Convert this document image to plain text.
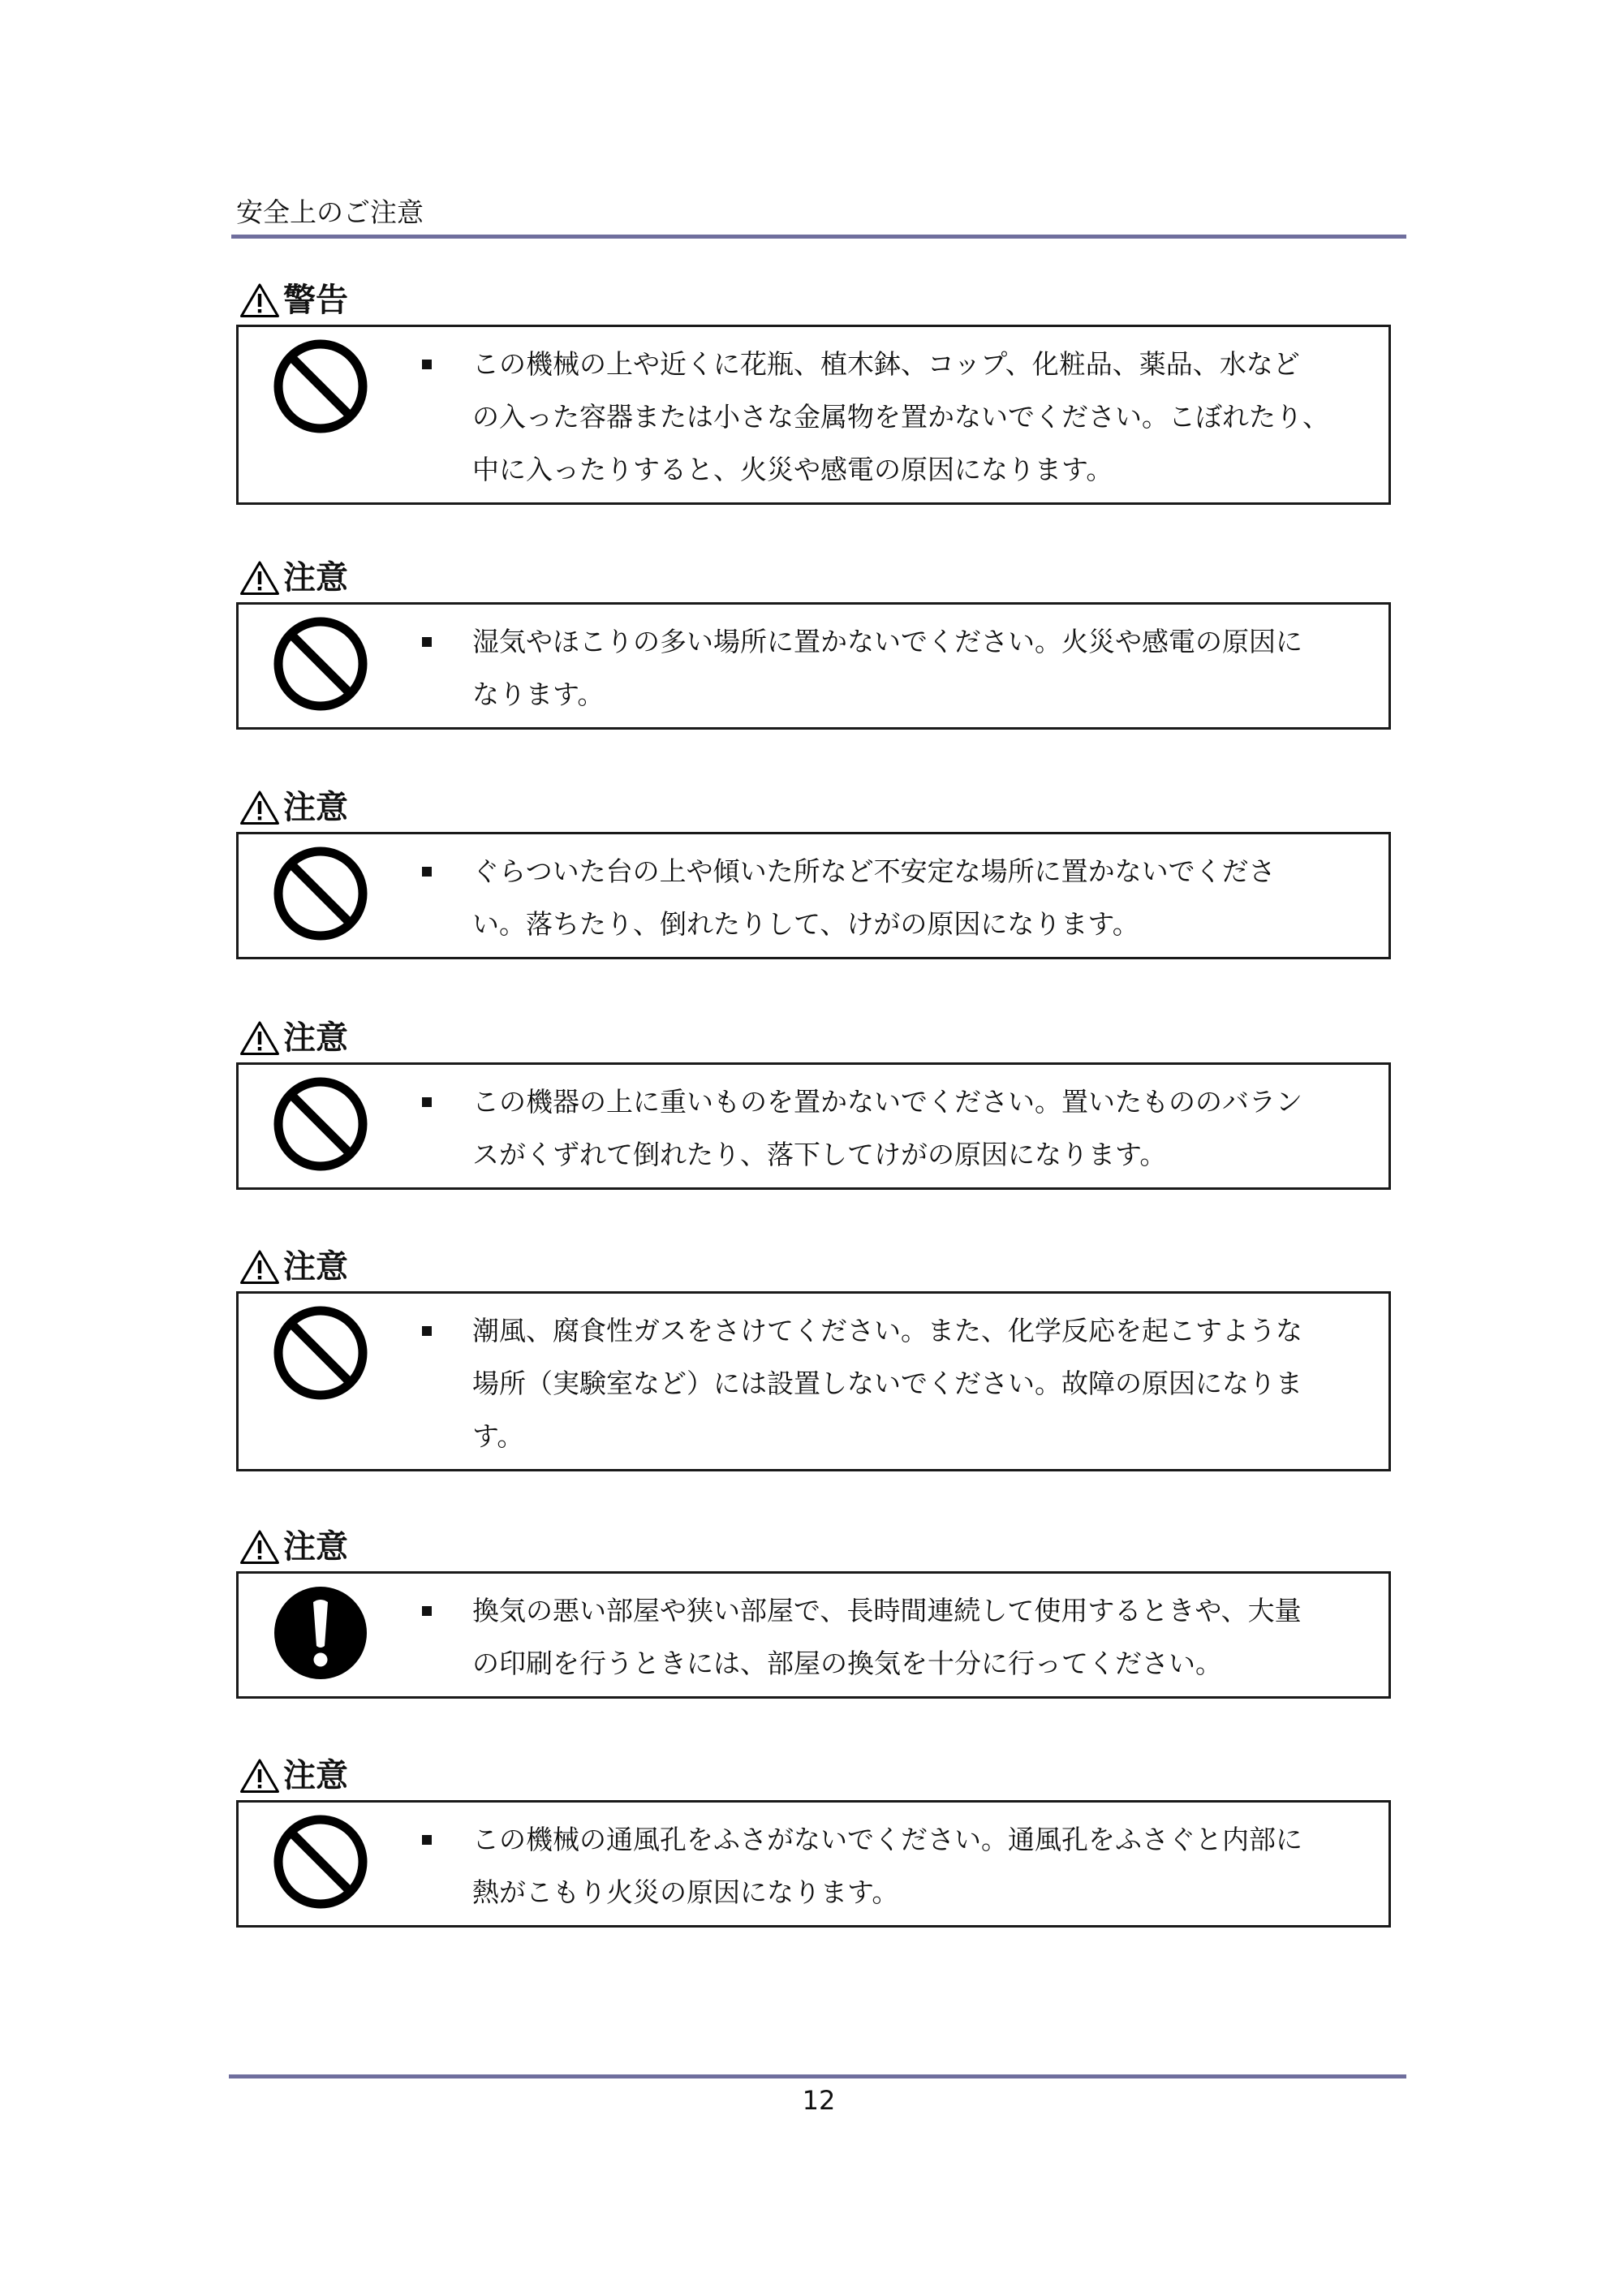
安全上のご注意
警告
この機械の上や近くに花瓶、植木鉢、コップ、化粧品、薬品、水など
の入った容器または小さな金属物を置かないでください。こぼれたり、
中に入ったりすると、火災や感電の原因になります。
注意
湿気やほこりの多い場所に置かないでください。火災や感電の原因に
なります。
注意
ぐらついた台の上や傾いた所など不安定な場所に置かないでくださ
い。落ちたり、倒れたりして、けがの原因になります。
注意
この機器の上に重いものを置かないでください。置いたもののバラン
スがくずれて倒れたり、落下してけがの原因になります。
注意
潮風、腐食性ガスをさけてください。また、化学反応を起こすような
場所（実験室など）には設置しないでください。故障の原因になりま
す。
注意
換気の悪い部屋や狭い部屋で、長時間連続して使用するときや、大量
の印刷を行うときには、部屋の換気を十分に行ってください。
注意
この機械の通風孔をふさがないでください。通風孔をふさぐと内部に
熱がこもり火災の原因になります。
12
